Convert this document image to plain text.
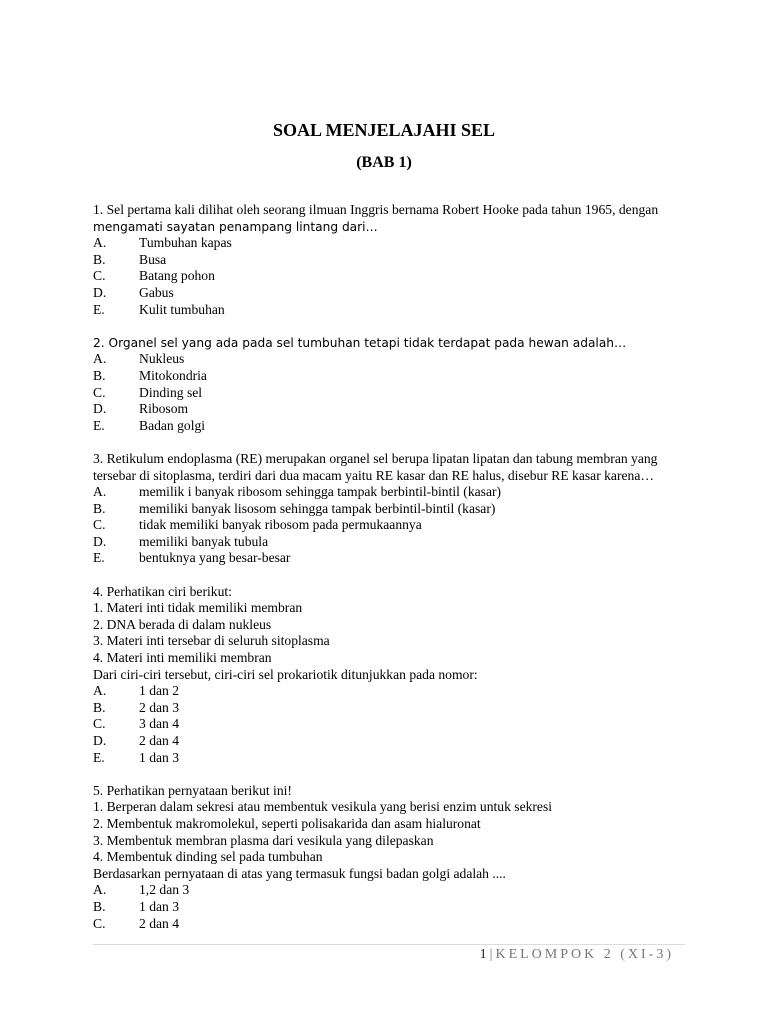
SOAL MENJELAJAHI SEL
(BAB 1)

1. Sel pertama kali dilihat oleh seorang ilmuan Inggris bernama Robert Hooke pada tahun 1965, dengan

mengamati sayatan penampang lintang dari…

A.	Tumbuhan kapas
B.	Busa
C.	Batang pohon
D.	Gabus
E.	Kulit tumbuhan

2. Organel sel yang ada pada sel tumbuhan tetapi tidak terdapat pada hewan adalah…

A.	Nukleus
B.	Mitokondria
C.	Dinding sel
D.	Ribosom
E.	Badan golgi

3. Retikulum endoplasma (RE) merupakan organel sel berupa lipatan lipatan dan tabung membran yang

tersebar di sitoplasma, terdiri dari dua macam yaitu RE kasar dan RE halus, disebur RE kasar karena…

A.	memilik i banyak ribosom sehingga tampak berbintil-bintil (kasar)
B.	memiliki banyak lisosom sehingga tampak berbintil-bintil (kasar)
C.	tidak memiliki banyak ribosom pada permukaannya
D.	memiliki banyak tubula
E.	bentuknya yang besar-besar

4. Perhatikan ciri berikut:

1. Materi inti tidak memiliki membran

2. DNA berada di dalam nukleus

3. Materi inti tersebar di seluruh sitoplasma

4. Materi inti memiliki membran

Dari ciri-ciri tersebut, ciri-ciri sel prokariotik ditunjukkan pada nomor:

A.	1 dan 2
B.	2 dan 3
C.	3 dan 4
D.	2 dan 4
E.	1 dan 3

5. Perhatikan pernyataan berikut ini!

1. Berperan dalam sekresi atau membentuk vesikula yang berisi enzim untuk sekresi

2. Membentuk makromolekul, seperti polisakarida dan asam hialuronat

3. Membentuk membran plasma dari vesikula yang dilepaskan

4. Membentuk dinding sel pada tumbuhan

Berdasarkan pernyataan di atas yang termasuk fungsi badan golgi adalah ....

A.	1,2 dan 3
B.	1 dan 3
C.	2 dan 4
1|KELOMPOK 2 (XI-3)
